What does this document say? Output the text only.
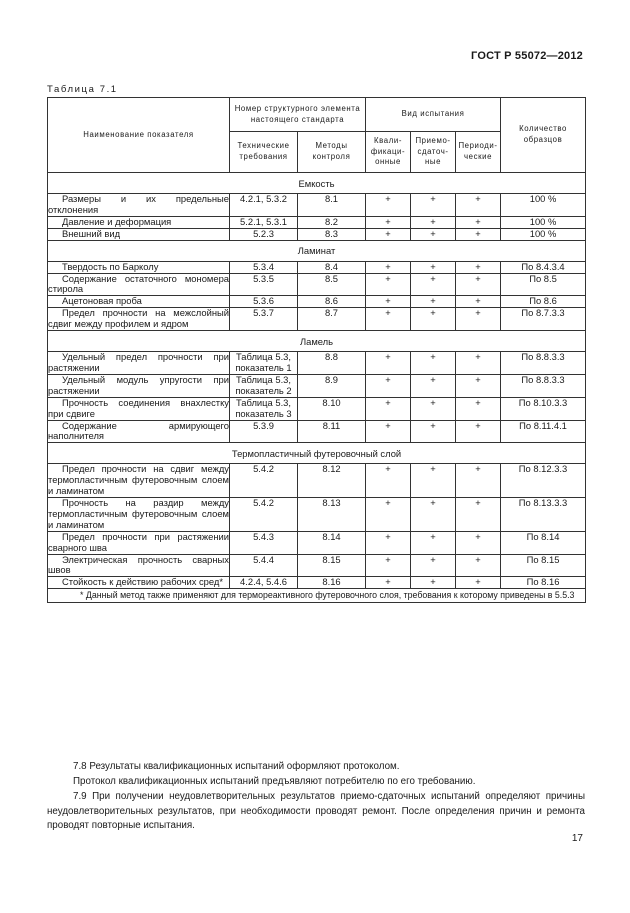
ГОСТ Р 55072—2012
Таблица 7.1
Наименование показателя	Номер структурного элемента настоящего стандарта		Вид испытания			Количество образцов
	Технические требования	Методы контроля	Квали-фикаци-онные	Приемо-сдаточ-ные	Периоди-ческие	
Емкость						

Размеры и их предельные отклонения	4.2.1, 5.3.2	8.1	+	+	+	100 %

Давление и деформация	5.2.1, 5.3.1	8.2	+	+	+	100 %

Внешний вид	5.2.3	8.3	+	+	+	100 %
Ламинат						

Твердость по Барколу	5.3.4	8.4	+	+	+	По 8.4.3.4

Содержание остаточного мономера стирола	5.3.5	8.5	+	+	+	По 8.5

Ацетоновая проба	5.3.6	8.6	+	+	+	По 8.6

Предел прочности на межслойный сдвиг между профилем и ядром	5.3.7	8.7	+	+	+	По 8.7.3.3
Ламель						

Удельный предел прочности при растяжении	Таблица 5.3, показатель 1	8.8	+	+	+	По 8.8.3.3

Удельный модуль упругости при растяжении	Таблица 5.3, показатель 2	8.9	+	+	+	По 8.8.3.3

Прочность соединения внахлестку при сдвиге	Таблица 5.3, показатель 3	8.10	+	+	+	По 8.10.3.3

Содержание армирующего наполнителя	5.3.9	8.11	+	+	+	По 8.11.4.1
Термопластичный футеровочный слой						

Предел прочности на сдвиг между термопластичным футеровочным слоем и ламинатом	5.4.2	8.12	+	+	+	По 8.12.3.3

Прочность на раздир между термопластичным футеровочным слоем и ламинатом	5.4.2	8.13	+	+	+	По 8.13.3.3

Предел прочности при растяжении сварного шва	5.4.3	8.14	+	+	+	По 8.14

Электрическая прочность сварных швов	5.4.4	8.15	+	+	+	По 8.15

Стойкость к действию рабочих сред*	4.2.4, 5.4.6	8.16	+	+	+	По 8.16
* Данный метод также применяют для термореактивного футеровочного слоя, требования к которому приведены в 5.5.3						
7.8 Результаты квалификационных испытаний оформляют протоколом.
Протокол квалификационных испытаний предъявляют потребителю по его требованию.
7.9 При получении неудовлетворительных результатов приемо-сдаточных испытаний определяют причины неудовлетворительных результатов, при необходимости проводят ремонт. После определения причин и ремонта проводят повторные испытания.
17
